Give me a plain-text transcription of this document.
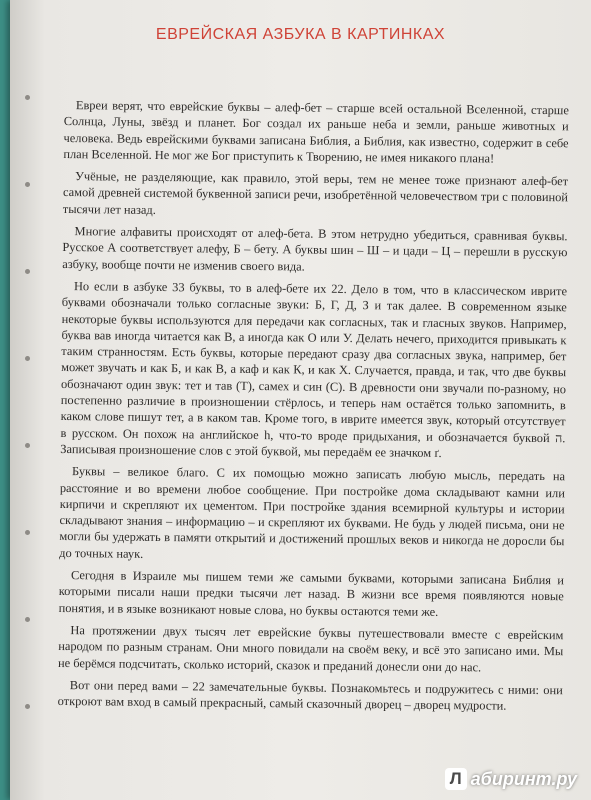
ЕВРЕЙСКАЯ АЗБУКА В КАРТИНКАХ

Евреи верят, что еврейские буквы – алеф-бет – старше всей остальной Вселенной, старше Солнца, Луны, звёзд и планет. Бог создал их раньше неба и земли, раньше животных и человека. Ведь еврейскими буквами записана Библия, а Библия, как известно, содержит в себе план Вселенной. Не мог же Бог приступить к Творению, не имея никакого плана!

Учёные, не разделяющие, как правило, этой веры, тем не менее тоже признают алеф-бет самой древней системой буквенной записи речи, изобретённой человечеством три с половиной тысячи лет назад.

Многие алфавиты происходят от алеф-бета. В этом нетрудно убедиться, сравнивая буквы. Русское А соответствует алефу, Б – бету. А буквы шин – Ш – и цади – Ц – перешли в русскую азбуку, вообще почти не изменив своего вида.

Но если в азбуке 33 буквы, то в алеф-бете их 22. Дело в том, что в классическом иврите буквами обозначали только согласные звуки: Б, Г, Д, З и так далее. В современном языке некоторые буквы используются для передачи как согласных, так и гласных звуков. Например, буква вав иногда читается как В, а иногда как О или У. Делать нечего, приходится привыкать к таким странностям. Есть буквы, которые передают сразу два согласных звука, например, бет может звучать и как Б, и как В, а каф и как К, и как Х. Случается, правда, и так, что две буквы обозначают один звук: тет и тав (Т), самех и син (С). В древности они звучали по-разному, но постепенно различие в произношении стёрлось, и теперь нам остаётся только запомнить, в каком слове пишут тет, а в каком тав. Кроме того, в иврите имеется звук, который отсутствует в русском. Он похож на английское h, что-то вроде придыхания, и обозначается буквой ה. Записывая произношение слов с этой буквой, мы передаём ее значком ґ.

Буквы – великое благо. С их помощью можно записать любую мысль, передать на расстояние и во времени любое сообщение. При постройке дома складывают камни или кирпичи и скрепляют их цементом. При постройке здания всемирной культуры и истории складывают знания – информацию – и скрепляют их буквами. Не будь у людей письма, они не могли бы удержать в памяти открытий и достижений прошлых веков и никогда не доросли бы до точных наук.

Сегодня в Израиле мы пишем теми же самыми буквами, которыми записана Библия и которыми писали наши предки тысячи лет назад. В жизни все время появляются новые понятия, и в языке возникают новые слова, но буквы остаются теми же.

На протяжении двух тысяч лет еврейские буквы путешествовали вместе с еврейским народом по разным странам. Они много повидали на своём веку, и всё это записано ими. Мы не берёмся подсчитать, сколько историй, сказок и преданий донесли они до нас.

Вот они перед вами – 22 замечательные буквы. Познакомьтесь и подружитесь с ними: они откроют вам вход в самый прекрасный, самый сказочный дворец – дворец мудрости.

Л абиринт.ру
